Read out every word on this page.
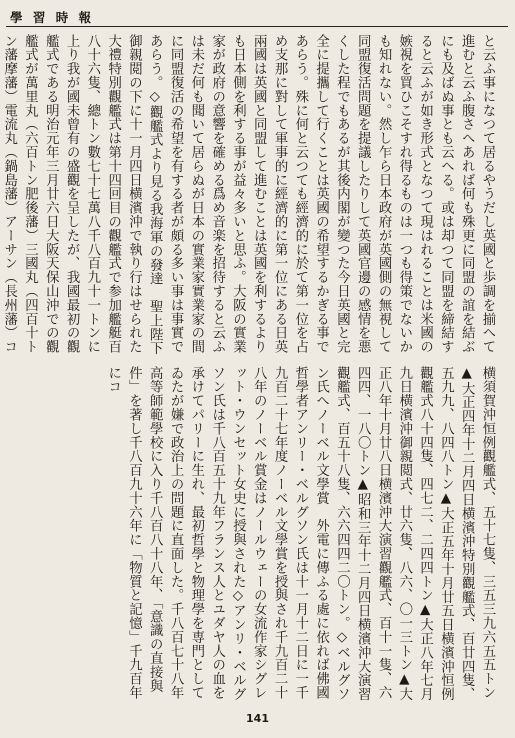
學 習 時 報
と云ふ事になつて居るやうだし英國と歩調を揃へて進むと云ふ腹さへあれば何も殊更に同盟の誼を結ぶにも及ばぬ事とも云へる。或は却つて同盟を締結すると云ふが如き形式となつて現はれることは米國の嫉視を買ひこそすれ得るものは一つも得策でないかも知れない。然し乍ら日本政府が英國側の無視して同盟復活問題を提議したりして英國官邊の感情を悪くした程でもあるが其後内閣が變つた今日英國と完全に提攜して行くことは英國の希望するかぎる事であらう。殊に何と云つても經濟的に於て第一位を占め支那に對して軍事的に經濟的に第一位にある日英兩國は英國と同盟して進むことは英國を利するよりも日本側を利する事が益々多いと思ふ。大阪の實業家が政府の意響を確める爲め音楽を招待すると云ふは未だ何も聞いて居らぬが日本の實業家實業家の間に同盟復活の希望を有する者が頗る多い事は事實であらう。◇觀艦式より見る我海軍の發達　聖上陛下御親閲の下に十一月四日横濱沖で執り行はせられた大禮特別觀艦式は第十四回目の觀艦式で参加艦艇百八十六隻、總トン數七十七萬八千八百九十一トンに上り我が國未曾有の盛觀を呈したが、我國最初の觀艦式である明治元年三月廿六日大阪天保山沖での觀艦式が萬里丸（六百トン肥後藩）三國丸（四百十トン藩摩藩）電流丸（鍋島藩）アーサン（長州藩）コ
横須賀沖恒例觀艦式、五十七隻、三五三九六五五トン▲大正四年十二月四日横濱沖特別觀艦式、百廿四隻、五九九、八四八トン▲大正五年十月廿五日横濱沖恒例觀艦式八十四隻、四七二、二四四トン▲大正八年七月九日横濱沖御親閲式、廿六隻、八六、〇一三トン▲大正八年十月廿八日横濱沖大演習觀艦式、百十一隻、六四四、一八〇トン▲昭和三年十二月四日横濱沖大演習觀艦式、百五十八隻、六六四四二〇トン。◇ベルグソン氏へノーベル文學賞　外電に傳ふる處に依れば佛國哲學者アンリー・ベルグソン氏は十一月十二日に一千九百二十七年度ノーベル文學賞を授與され千九百二十八年のノーベル賞金はノールウェーの女流作家シグレット・ウンセット女史に授與された◇アンリ・ベルグソン氏は千八百五十九年フランス人とユダヤ人の血を承けてパリーに生れ、最初哲學と物理學を専門としてゐたが嫌で政治上の問題に直面した。千八百七十八年高等師範學校に入り千八百八十八年、「意識の直接與件」を著し千八百九十六年に「物質と記憶」千九百年にコ
141
